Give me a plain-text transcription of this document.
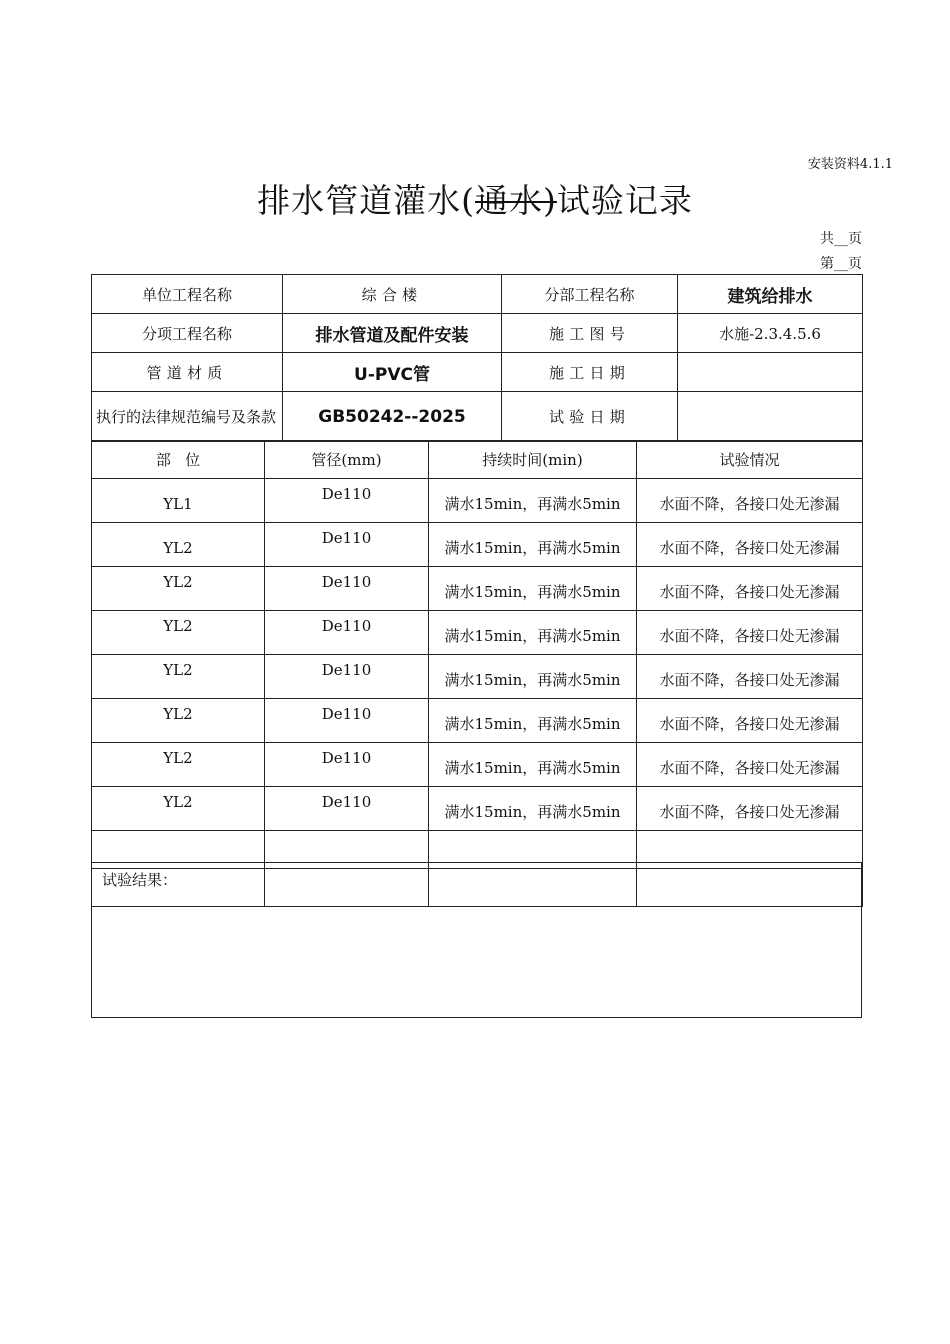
安装资料4.1.1
排水管道灌水(通水)试验记录
共__页
第__页
单位工程名称	综合楼	分部工程名称	建筑给排水
分项工程名称	排水管道及配件安装	施工图号	水施-2.3.4.5.6
管道材质	U-PVC管	施工日期	
执行的法律规范编号及条款	GB50242--2025	试验日期	
部   位	管径(mm)	持续时间(min)	试验情况
YL1	De110	满水15min，再满水5min	水面不降，各接口处无渗漏
YL2	De110	满水15min，再满水5min	水面不降，各接口处无渗漏
YL2	De110	满水15min，再满水5min	水面不降，各接口处无渗漏
YL2	De110	满水15min，再满水5min	水面不降，各接口处无渗漏
YL2	De110	满水15min，再满水5min	水面不降，各接口处无渗漏
YL2	De110	满水15min，再满水5min	水面不降，各接口处无渗漏
YL2	De110	满水15min，再满水5min	水面不降，各接口处无渗漏
YL2	De110	满水15min，再满水5min	水面不降，各接口处无渗漏

试验结果：
